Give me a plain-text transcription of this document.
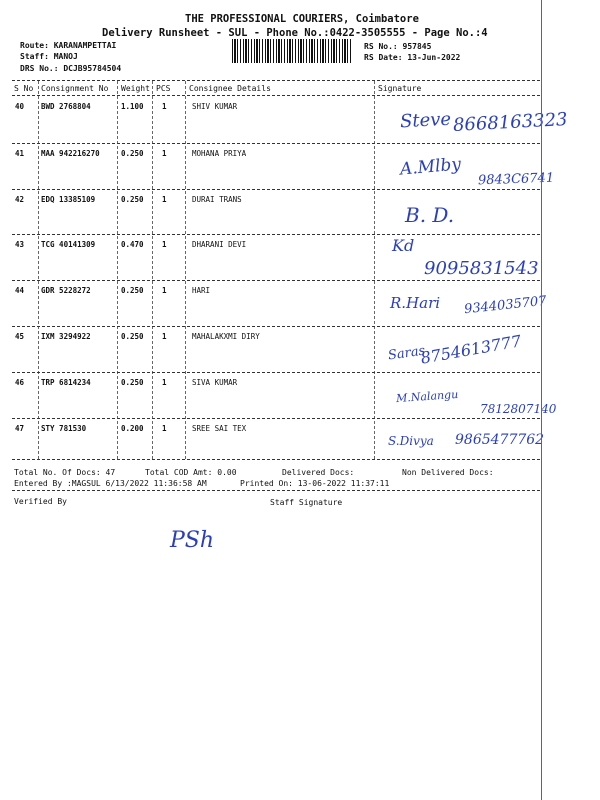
THE PROFESSIONAL COURIERS, Coimbatore
Delivery Runsheet - SUL - Phone No.:0422-3505555 - Page No.:4
Route: KARANAMPETTAI
Staff: MANOJ
DRS No.: DCJB95784504
RS No.: 957845
RS Date: 13-Jun-2022
S No Consignment No Weight PCS Consignee Details	Signature
40 BWD 2768804	1.100 1	SHIV KUMAR
Steve 8668163323
41 MAA 942216270	0.250 1	MOHANA PRIYA
A.Mlby 9843C6741
42 EDQ 13385109	0.250 1	DURAI TRANS
B. D.
43 TCG 40141309	0.470 1	DHARANI DEVI	Kd
9095831543
44 GDR 5228272	0.250 1	HARI
R.Hari 9344035707
45 IXM 3294922	0.250 1	MAHALAKXMI DIRY
Saras
8754613777
46 TRP 6814234	0.250 1	SIVA KUMAR
M.Nalangu
7812807140
47 STY 781530	0.200 1	SREE SAI TEX
S.Divya 9865477762
Total No. Of Docs: 47	Total COD Amt: 0.00	Delivered Docs:	Non Delivered Docs:
Entered By :MAGSUL 6/13/2022 11:36:58 AM	Printed On: 13-06-2022 11:37:11
Verified By	Staff Signature
PSh
